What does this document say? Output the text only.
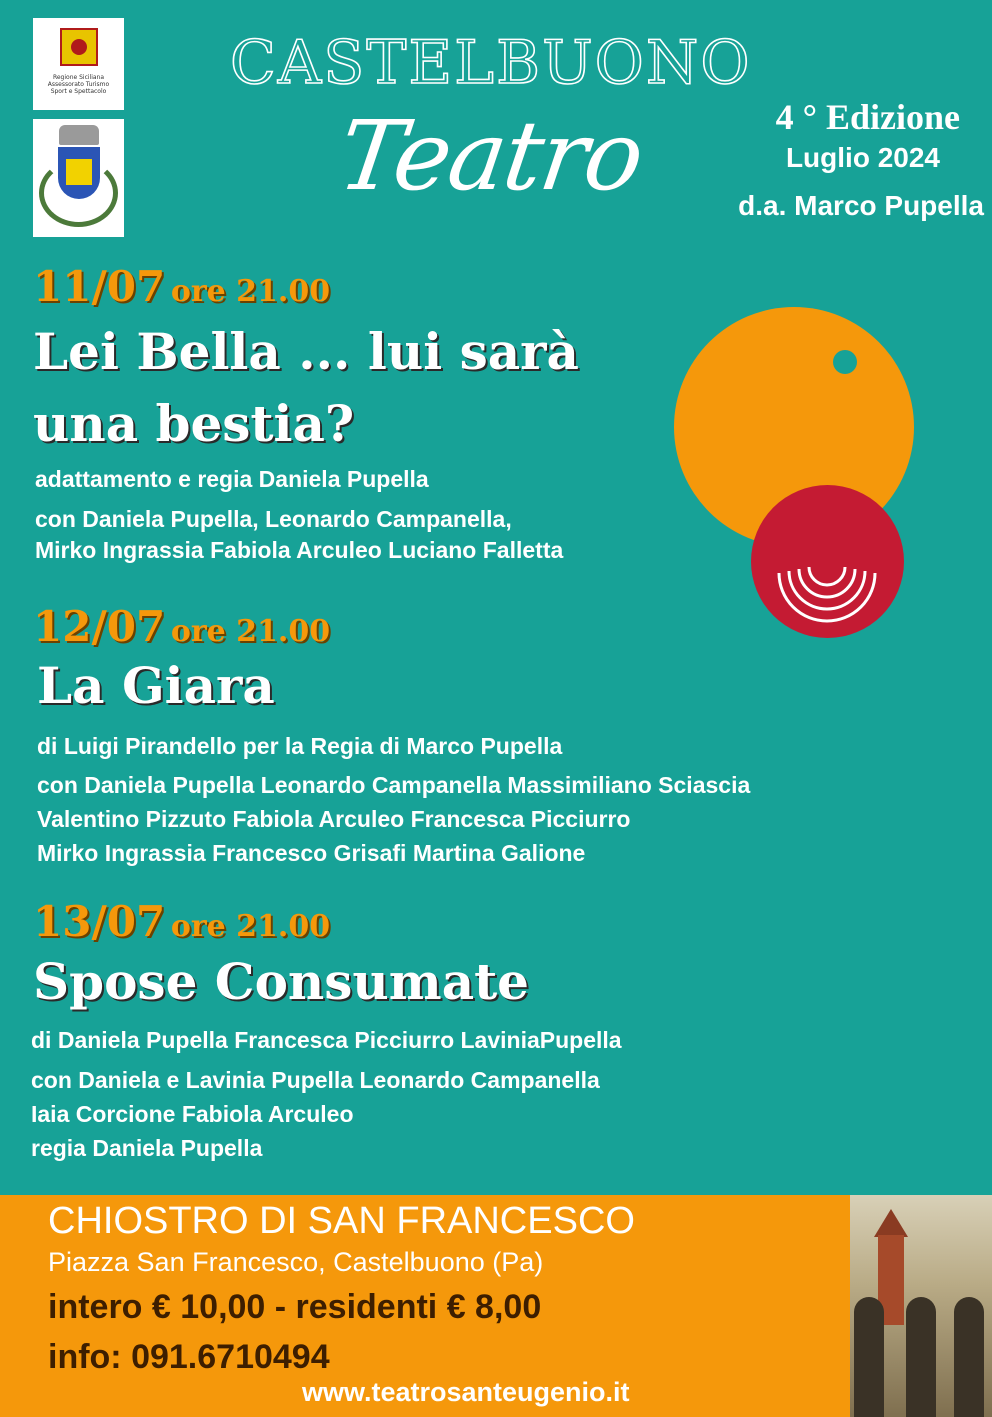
Regione Siciliana
Assessorato Turismo
Sport e Spettacolo CASTELBUONO
Teatro	4 ° Edizione
Luglio 2024
d.a. Marco Pupella
11/07 ore 21.00
Lei Bella ... lui sarà
una bestia?
adattamento e regia Daniela Pupella
con Daniela Pupella, Leonardo Campanella,
Mirko Ingrassia Fabiola Arculeo Luciano Falletta
12/07 ore 21.00
La Giara
di Luigi Pirandello per la Regia di Marco Pupella
con Daniela Pupella Leonardo Campanella Massimiliano Sciascia
Valentino Pizzuto Fabiola Arculeo Francesca Picciurro
Mirko Ingrassia Francesco Grisafi Martina Galione
13/07 ore 21.00
Spose Consumate
di Daniela Pupella Francesca Picciurro LaviniaPupella
con Daniela e Lavinia Pupella Leonardo Campanella
Iaia Corcione Fabiola Arculeo
regia Daniela Pupella
CHIOSTRO DI SAN FRANCESCO
Piazza San Francesco, Castelbuono (Pa)
intero € 10,00 - residenti € 8,00
info: 091.6710494
www.teatrosanteugenio.it
